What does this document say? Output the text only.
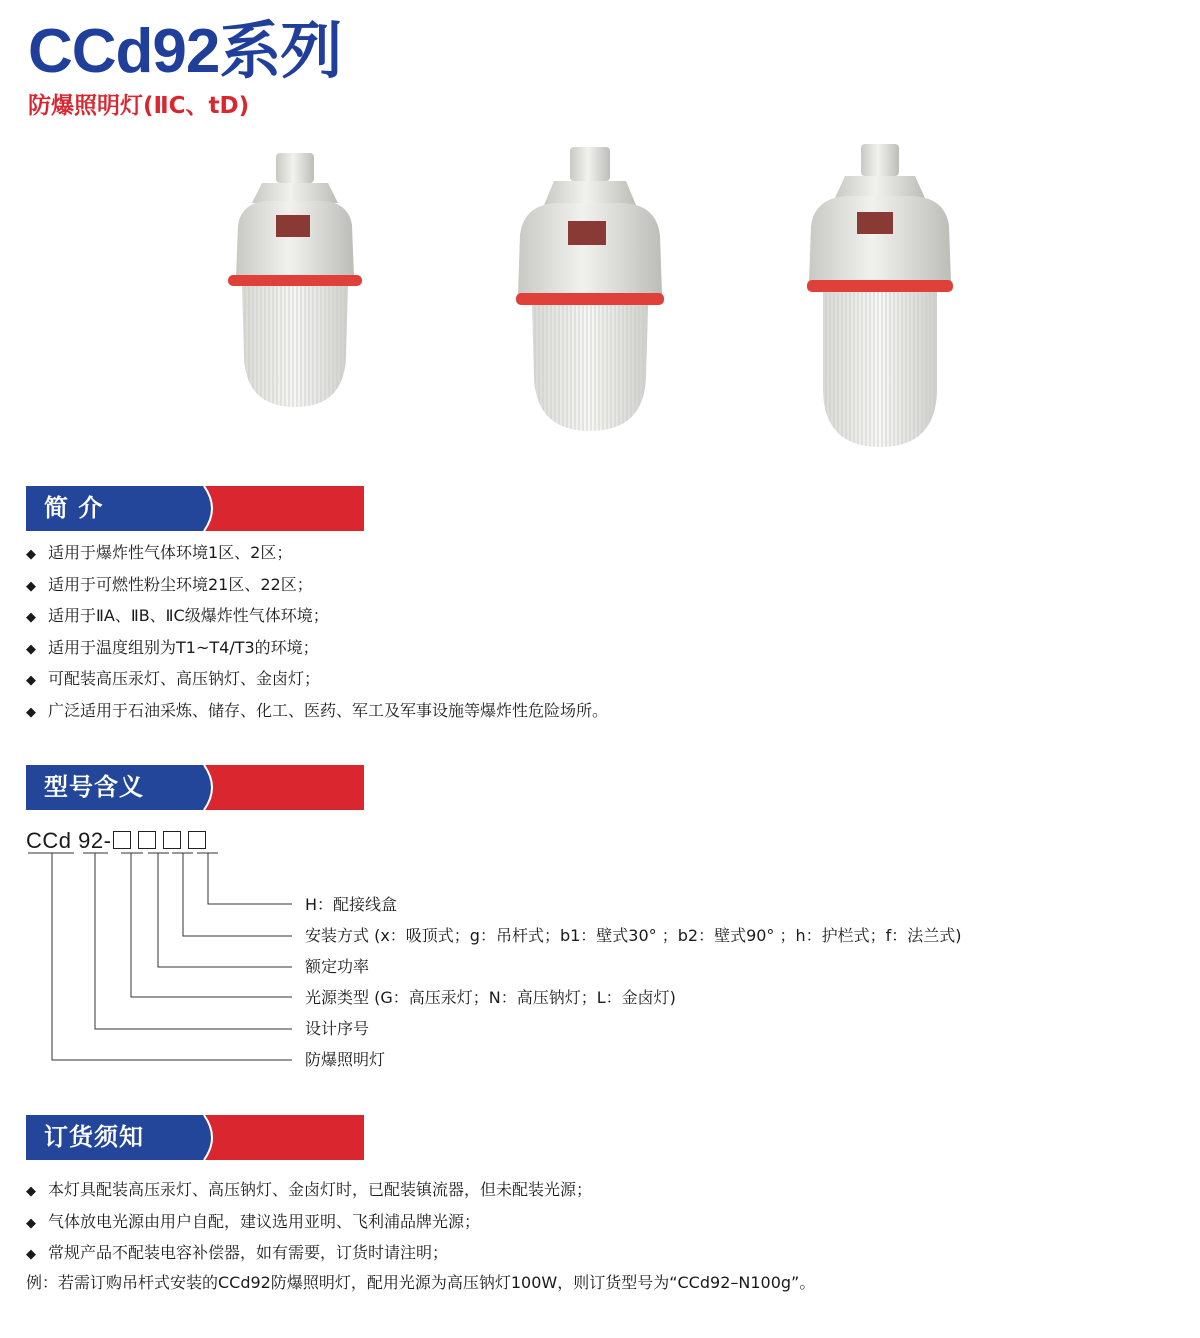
CCd92系列
防爆照明灯(ⅡC、tD)
简 介
◆ 适用于爆炸性气体环境1区、2区；
◆ 适用于可燃性粉尘环境21区、22区；
◆ 适用于ⅡA、ⅡB、ⅡC级爆炸性气体环境；
◆ 适用于温度组别为T1~T4/T3的环境；
◆ 可配装高压汞灯、高压钠灯、金卤灯；
◆ 广泛适用于石油采炼、储存、化工、医药、军工及军事设施等爆炸性危险场所。
型号含义
CCd 92-
H：配接线盒
安装方式 (x：吸顶式；g：吊杆式；b1：壁式30° ；b2：壁式90° ；h：护栏式；f：法兰式)
额定功率
光源类型 (G：高压汞灯；N：高压钠灯；L：金卤灯)
设计序号
防爆照明灯
订货须知
◆ 本灯具配装高压汞灯、高压钠灯、金卤灯时，已配装镇流器，但未配装光源；
◆ 气体放电光源由用户自配，建议选用亚明、飞利浦品牌光源；
◆ 常规产品不配装电容补偿器，如有需要，订货时请注明；
例：若需订购吊杆式安装的CCd92防爆照明灯，配用光源为高压钠灯100W，则订货型号为“CCd92–N100g”。
